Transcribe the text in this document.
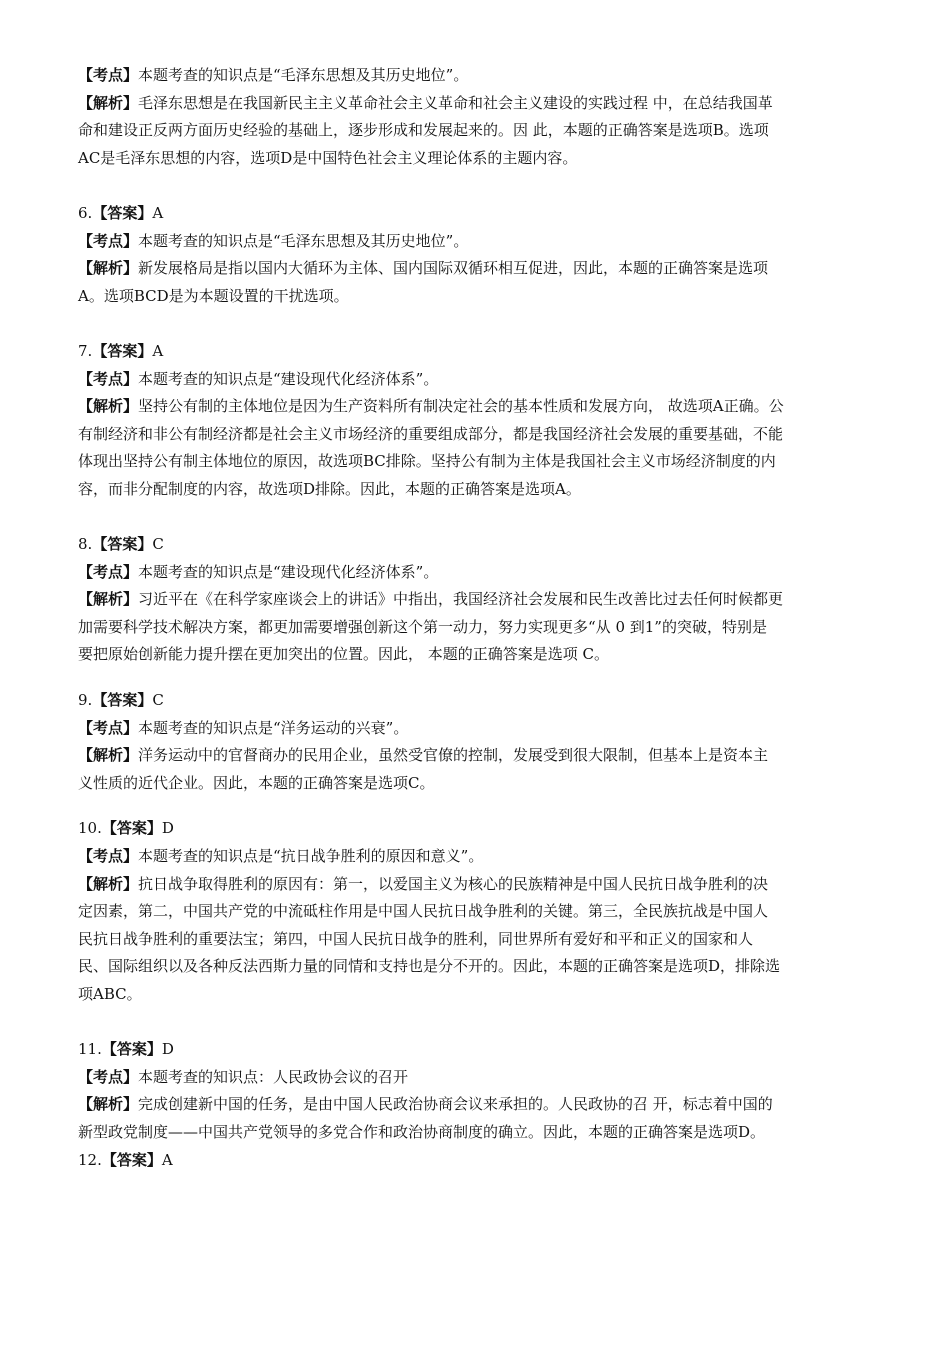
【考点】本题考查的知识点是“毛泽东思想及其历史地位”。
【解析】毛泽东思想是在我国新民主主义革命社会主义革命和社会主义建设的实践过程 中，在总结我国革
命和建设正反两方面历史经验的基础上，逐步形成和发展起来的。因 此，本题的正确答案是选项B。选项
AC是毛泽东思想的内容，选项D是中国特色社会主义理论体系的主题内容。
6.【答案】A
【考点】本题考查的知识点是“毛泽东思想及其历史地位”。
【解析】新发展格局是指以国内大循环为主体、国内国际双循环相互促进，因此，本题的正确答案是选项
A。选项BCD是为本题设置的干扰选项。
7.【答案】A
【考点】本题考查的知识点是“建设现代化经济体系”。
【解析】坚持公有制的主体地位是因为生产资料所有制决定社会的基本性质和发展方向， 故选项A正确。公
有制经济和非公有制经济都是社会主义市场经济的重要组成部分，都是我国经济社会发展的重要基础，不能
体现出坚持公有制主体地位的原因，故选项BC排除。坚持公有制为主体是我国社会主义市场经济制度的内
容，而非分配制度的内容，故选项D排除。因此，本题的正确答案是选项A。
8.【答案】C
【考点】本题考查的知识点是“建设现代化经济体系”。
【解析】习近平在《在科学家座谈会上的讲话》中指出，我国经济社会发展和民生改善比过去任何时候都更
加需要科学技术解决方案，都更加需要增强创新这个第一动力，努力实现更多“从 0 到1”的突破，特别是
要把原始创新能力提升摆在更加突出的位置。因此， 本题的正确答案是选项 C。
9.【答案】C
【考点】本题考查的知识点是“洋务运动的兴衰”。
【解析】洋务运动中的官督商办的民用企业，虽然受官僚的控制，发展受到很大限制，但基本上是资本主
义性质的近代企业。因此，本题的正确答案是选项C。
10.【答案】D
【考点】本题考查的知识点是“抗日战争胜利的原因和意义”。
【解析】抗日战争取得胜利的原因有：第一，以爱国主义为核心的民族精神是中国人民抗日战争胜利的决
定因素，第二，中国共产党的中流砥柱作用是中国人民抗日战争胜利的关键。第三，全民族抗战是中国人
民抗日战争胜利的重要法宝；第四，中国人民抗日战争的胜利，同世界所有爱好和平和正义的国家和人
民、国际组织以及各种反法西斯力量的同情和支持也是分不开的。因此，本题的正确答案是选项D，排除选
项ABC。
11.【答案】D
【考点】本题考查的知识点：人民政协会议的召开
【解析】完成创建新中国的任务，是由中国人民政治协商会议来承担的。人民政协的召 开，标志着中国的
新型政党制度——中国共产党领导的多党合作和政治协商制度的确立。因此，本题的正确答案是选项D。
12.【答案】A
